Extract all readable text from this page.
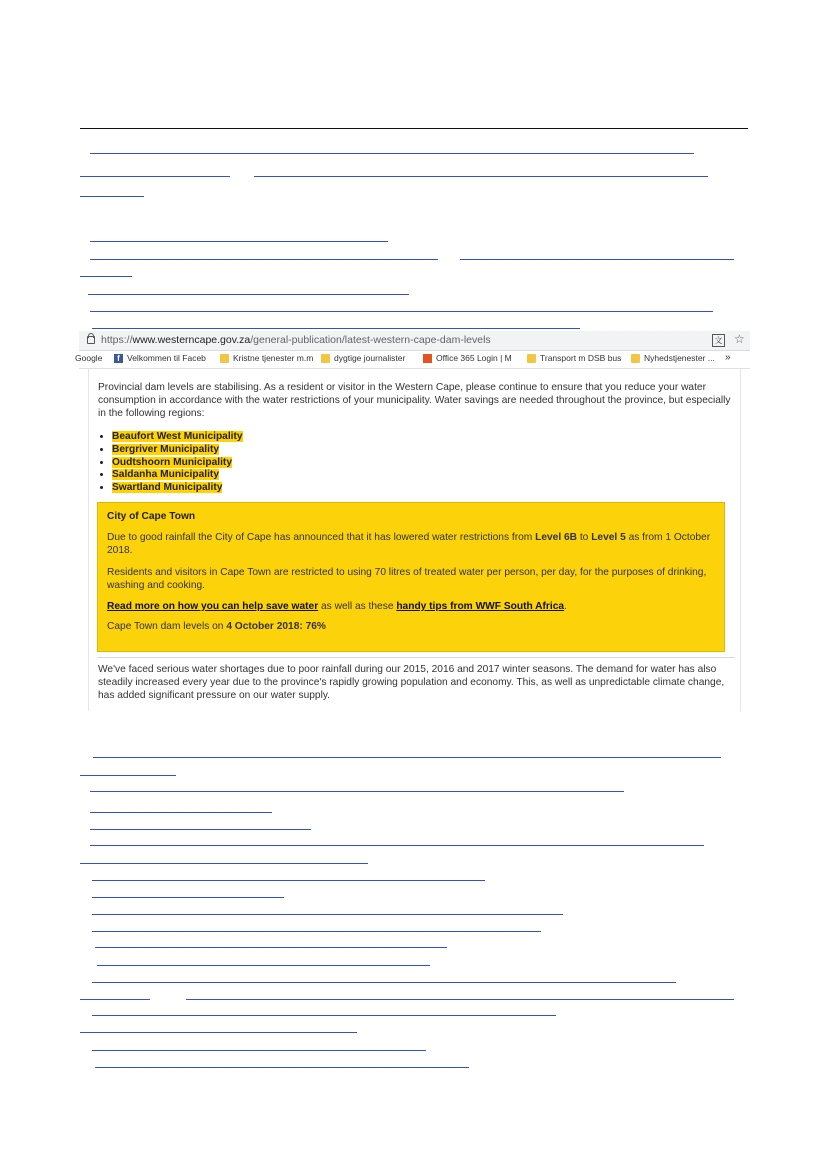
https://www.westerncape.gov.za/general-publication/latest-western-cape-dam-levels	文 ☆
Google	f Velkommen til Faceb	Kristne tjenester m.m dygtige journalister	Office 365 Login | M	Transport m DSB bus	Nyhedstjenester ... »
Provincial dam levels are stabilising. As a resident or visitor in the Western Cape, please continue to ensure that you reduce your water consumption in accordance with the water restrictions of your municipality. Water savings are needed throughout the province, but especially in the following regions:
• Beaufort West Municipality
• Bergriver Municipality
• Oudtshoorn Municipality
• Saldanha Municipality
• Swartland Municipality
City of Cape Town
Due to good rainfall the City of Cape has announced that it has lowered water restrictions from Level 6B to Level 5 as from 1 October 2018.
Residents and visitors in Cape Town are restricted to using 70 litres of treated water per person, per day, for the purposes of drinking, washing and cooking.
Read more on how you can help save water as well as these handy tips from WWF South Africa.
Cape Town dam levels on 4 October 2018: 76%
We've faced serious water shortages due to poor rainfall during our 2015, 2016 and 2017 winter seasons. The demand for water has also steadily increased every year due to the province's rapidly growing population and economy. This, as well as unpredictable climate change, has added significant pressure on our water supply.
